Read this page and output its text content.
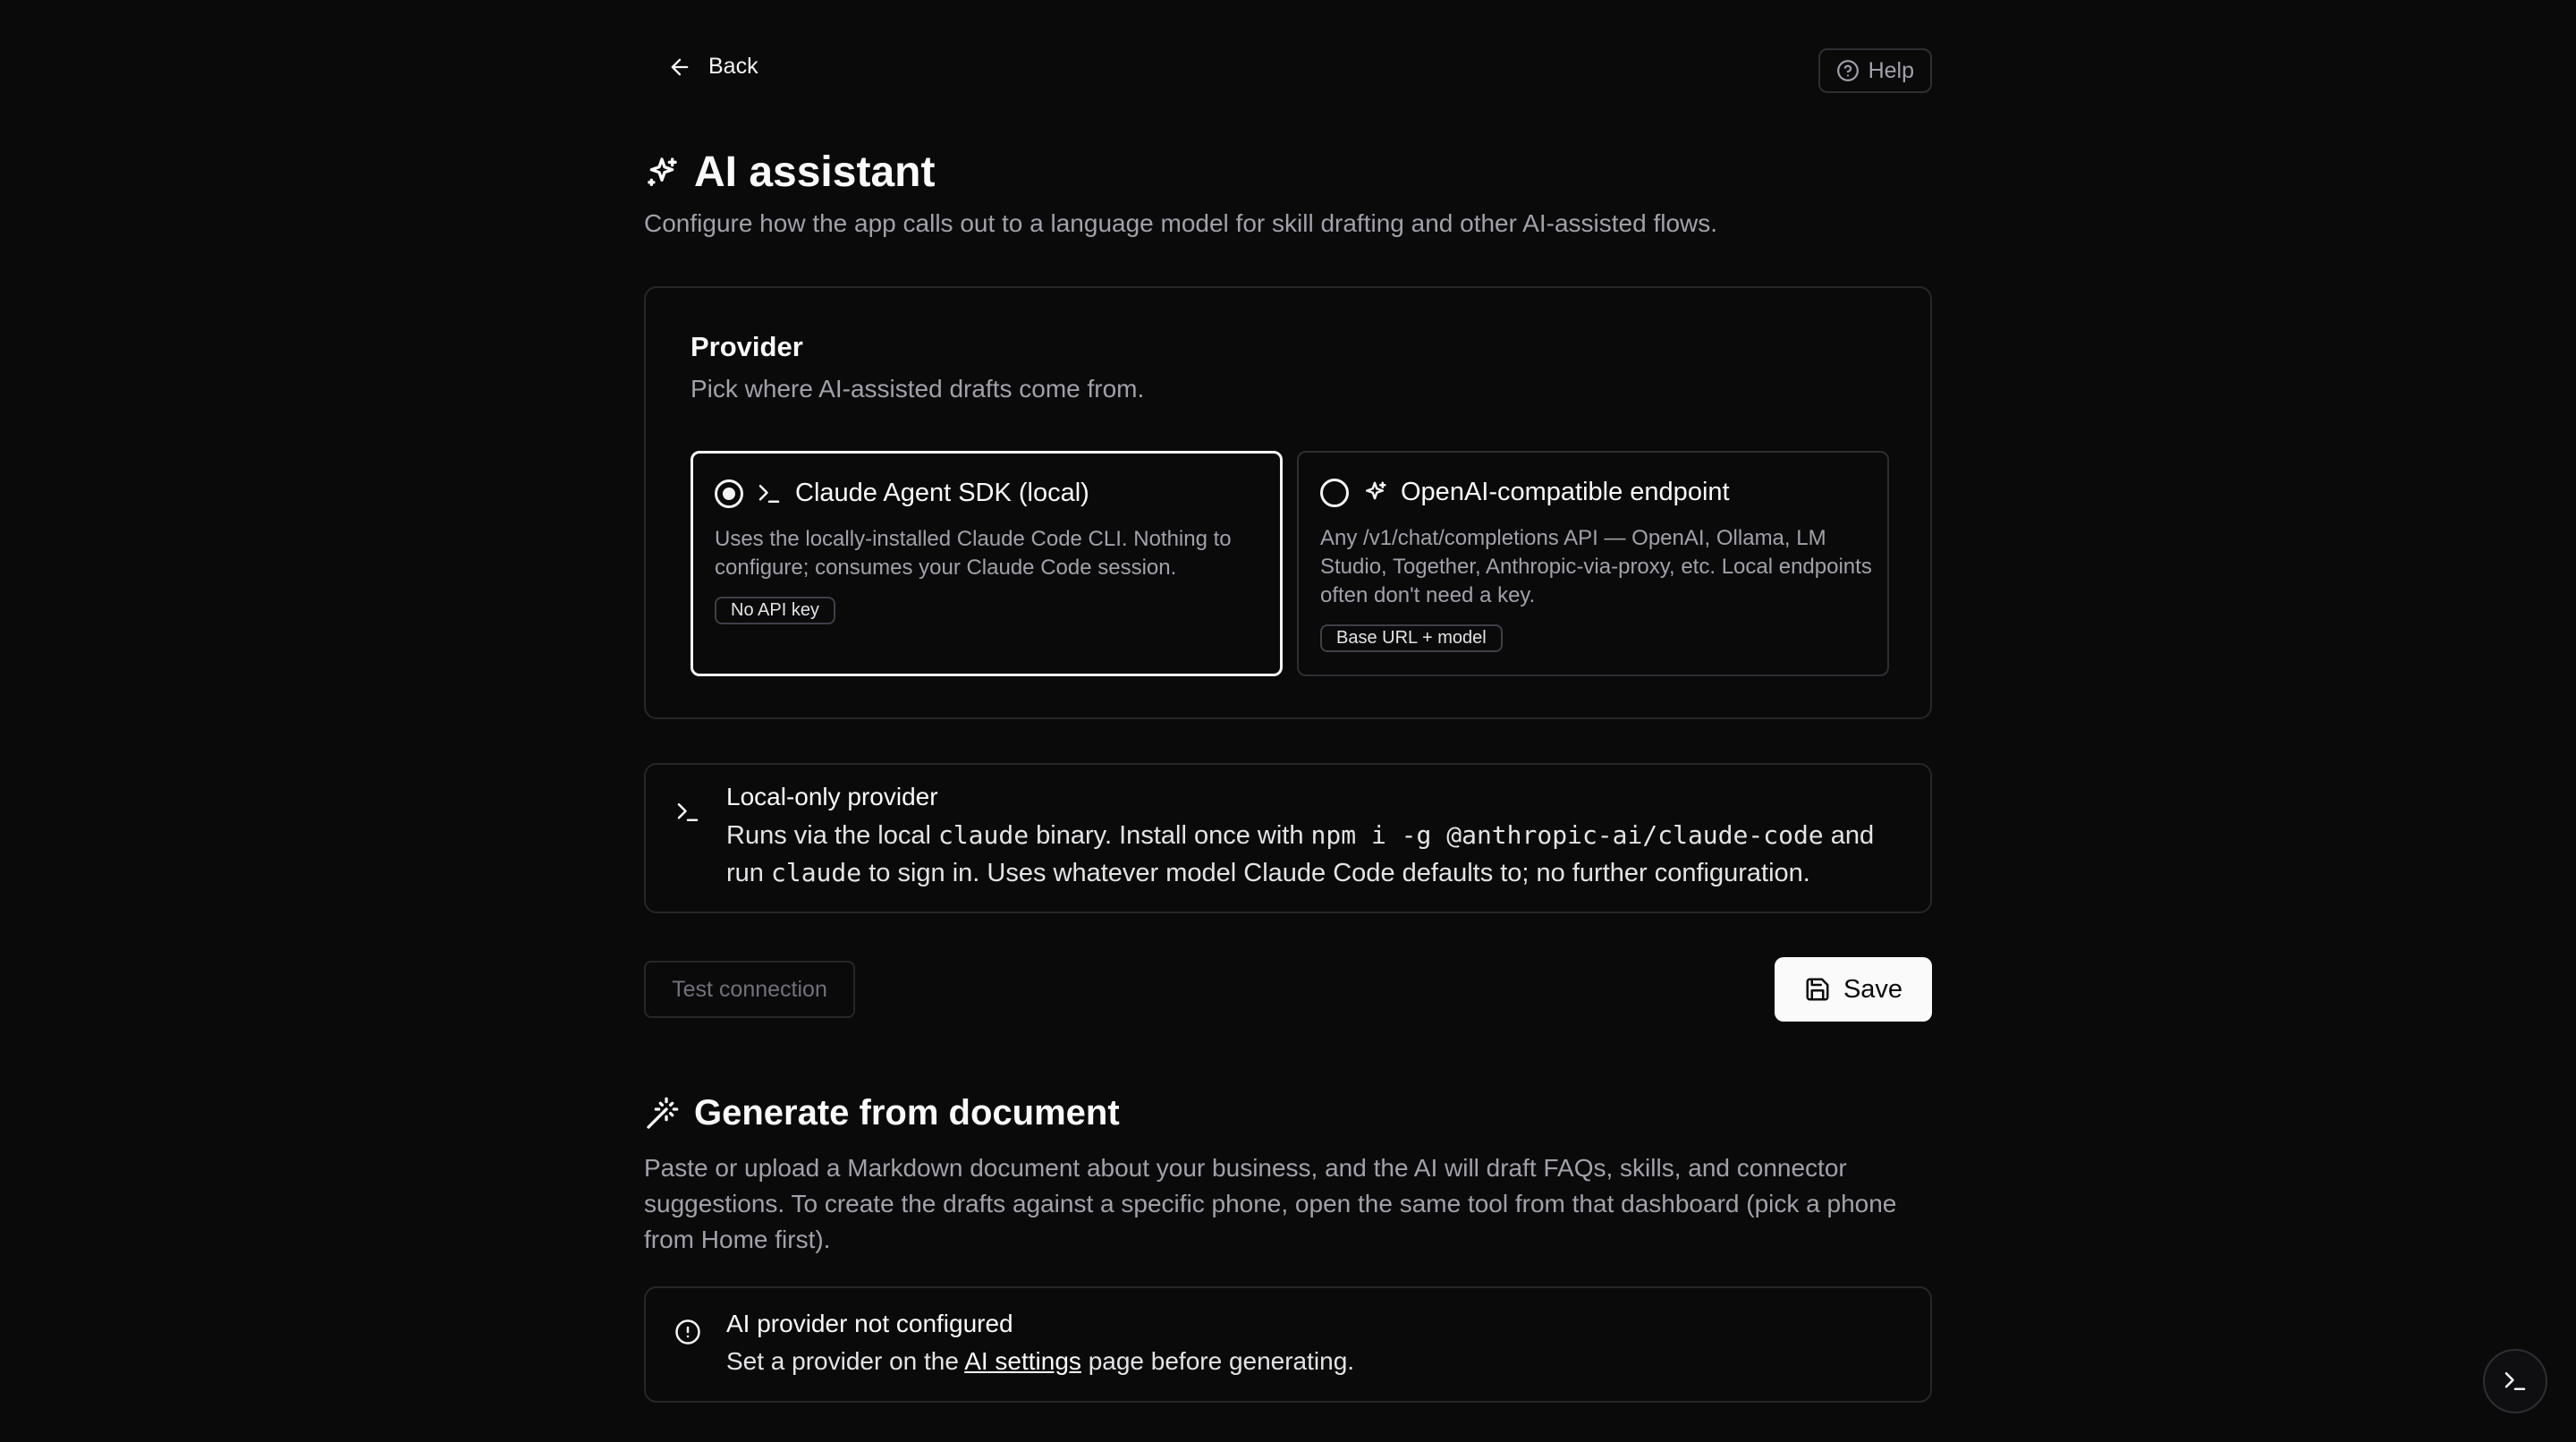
Back	Help
AI assistant
Configure how the app calls out to a language model for skill drafting and other AI-assisted flows.
Provider
Pick where AI-assisted drafts come from.
Claude Agent SDK (local)
Uses the locally-installed Claude Code CLI. Nothing to configure; consumes your Claude Code session.
No API key
OpenAI-compatible endpoint
Any /v1/chat/completions API — OpenAI, Ollama, LM Studio, Together, Anthropic-via-proxy, etc. Local endpoints often don't need a key.
Base URL + model
Local-only provider
Runs via the local claude binary. Install once with npm i -g @anthropic-ai/claude-code and run claude to sign in. Uses whatever model Claude Code defaults to; no further configuration.
Test connection	Save
Generate from document
Paste or upload a Markdown document about your business, and the AI will draft FAQs, skills, and connector suggestions. To create the drafts against a specific phone, open the same tool from that dashboard (pick a phone from Home first).
AI provider not configured
Set a provider on the AI settings page before generating.
